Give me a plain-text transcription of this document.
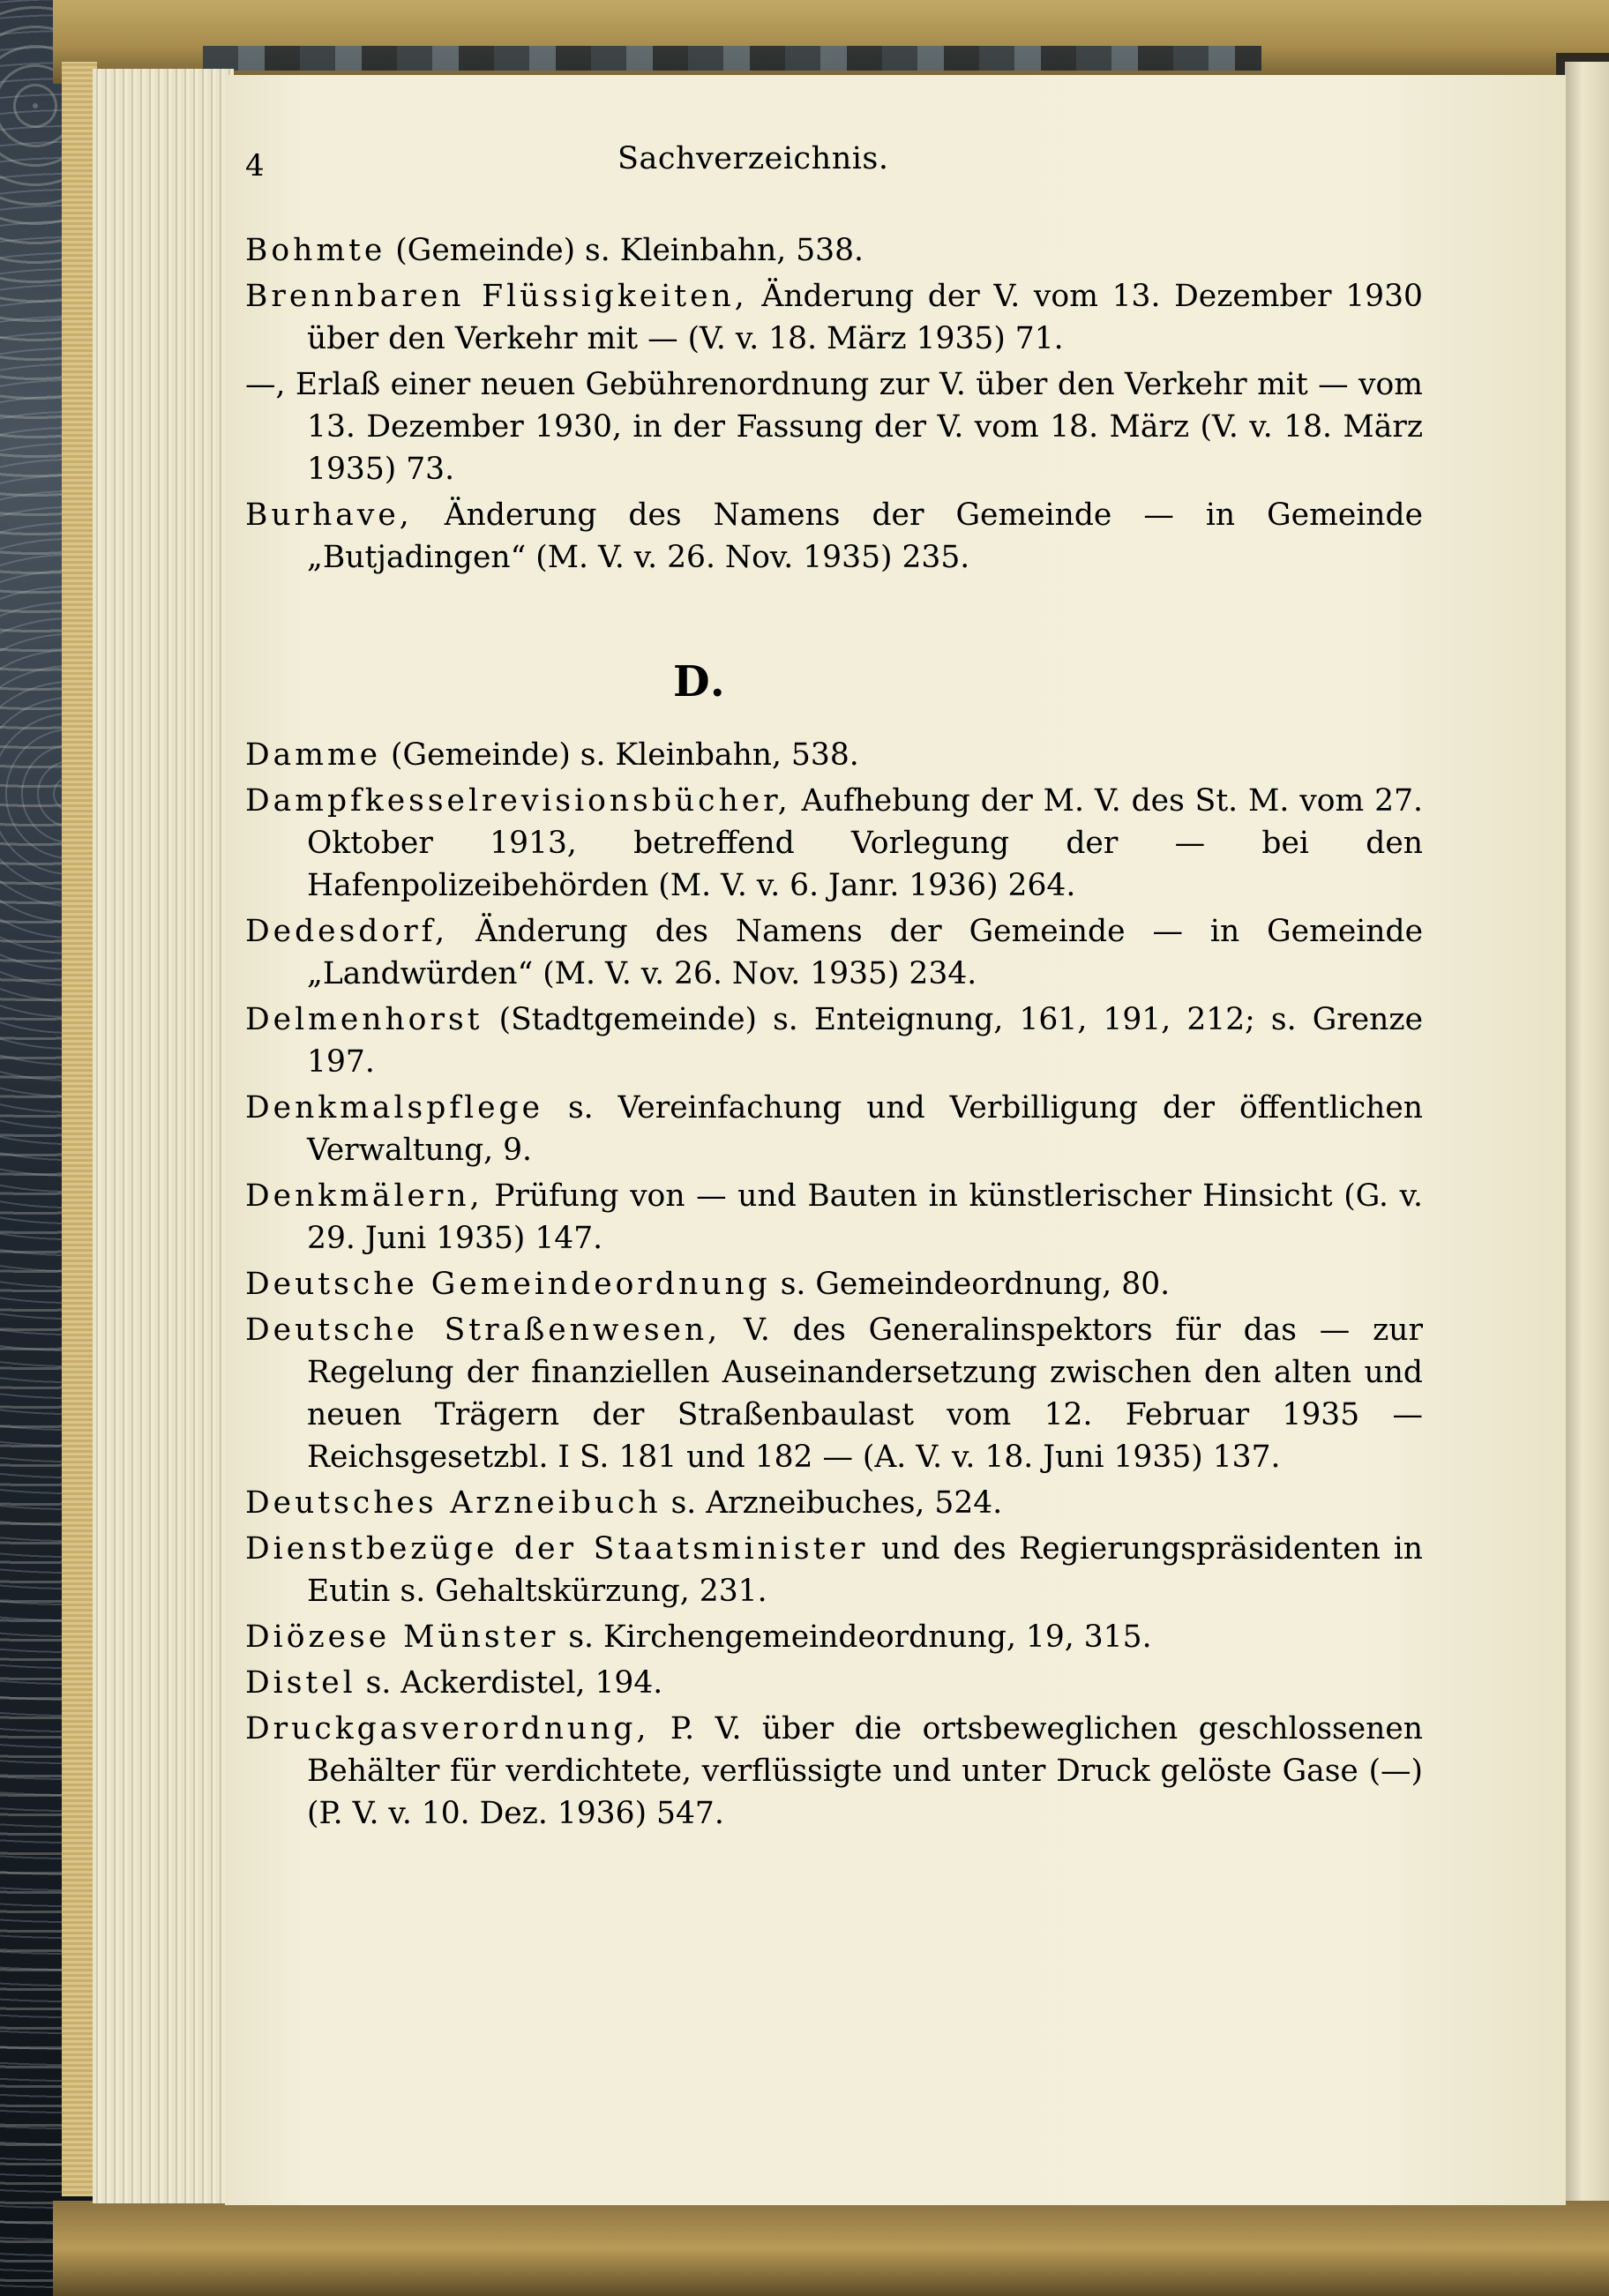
4	Sachverzeichnis.
Bohmte (Gemeinde) s. Kleinbahn, 538.
Brennbaren Flüssigkeiten, Änderung der V. vom 13. Dezember 1930 über den Verkehr mit — (V. v. 18. März 1935) 71.
—, Erlaß einer neuen Gebührenordnung zur V. über den Verkehr mit — vom 13. Dezember 1930, in der Fassung der V. vom 18. März (V. v. 18. März 1935) 73.
Burhave, Änderung des Namens der Gemeinde — in Gemeinde „Butjadingen“ (M. V. v. 26. Nov. 1935) 235.
D.
Damme (Gemeinde) s. Kleinbahn, 538.
Dampfkesselrevisionsbücher, Aufhebung der M. V. des St. M. vom 27. Oktober 1913, betreffend Vorlegung der — bei den Hafenpolizeibehörden (M. V. v. 6. Janr. 1936) 264.
Dedesdorf, Änderung des Namens der Gemeinde — in Gemeinde „Landwürden“ (M. V. v. 26. Nov. 1935) 234.
Delmenhorst (Stadtgemeinde) s. Enteignung, 161, 191, 212; s. Grenze 197.
Denkmalspflege s. Vereinfachung und Verbilligung der öffentlichen Verwaltung, 9.
Denkmälern, Prüfung von — und Bauten in künstlerischer Hinsicht (G. v. 29. Juni 1935) 147.
Deutsche Gemeindeordnung s. Gemeindeordnung, 80.
Deutsche Straßenwesen, V. des Generalinspektors für das — zur Regelung der finanziellen Auseinandersetzung zwischen den alten und neuen Trägern der Straßenbaulast vom 12. Februar 1935 — Reichsgesetzbl. I S. 181 und 182 — (A. V. v. 18. Juni 1935) 137.
Deutsches Arzneibuch s. Arzneibuches, 524.
Dienstbezüge der Staatsminister und des Regierungspräsidenten in Eutin s. Gehaltskürzung, 231.
Diözese Münster s. Kirchengemeindeordnung, 19, 315.
Distel s. Ackerdistel, 194.
Druckgasverordnung, P. V. über die ortsbeweglichen geschlossenen Behälter für verdichtete, verflüssigte und unter Druck gelöste Gase (—) (P. V. v. 10. Dez. 1936) 547.
